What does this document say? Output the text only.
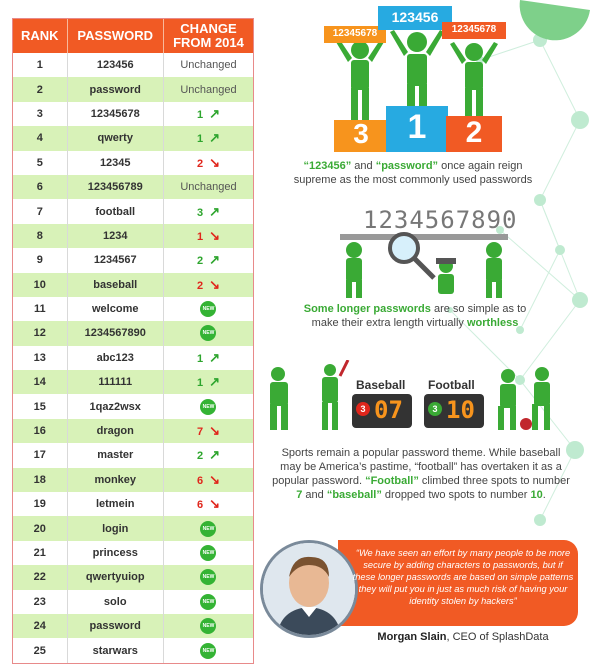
RANK	PASSWORD	CHANGE
FROM 2014
1	123456	Unchanged
2	password	Unchanged
3	12345678	1 ↗
4	qwerty	1 ↗
5	12345	2 ↘
6	123456789	Unchanged
7	football	3 ↗
8	1234	1 ↘
9	1234567	2 ↗
10	baseball	2 ↘
11	welcome	NEW
12	1234567890	NEW
13	abc123	1 ↗
14	111111	1 ↗
15	1qaz2wsx	NEW
16	dragon	7 ↘
17	master	2 ↗
18	monkey	6 ↘
19	letmein	6 ↘
20	login	NEW
21	princess	NEW
22	qwertyuiop	NEW
23	solo	NEW
24	password	NEW
25	starwars	NEW
12345678
123456
12345678
3	1	2
“123456” and “password” once again reign
supreme as the most commonly used passwords
1234567890
Some longer passwords are so simple as to
make their extra length virtually worthless
Baseball Football
3 07	3 10
Sports remain a popular password theme. While baseball
may be America’s pastime, “football” has overtaken it as a
popular password. “Football” climbed three spots to number
7 and “baseball” dropped two spots to number 10.
“We have seen an effort by many people to be more secure by adding characters to passwords, but if these longer passwords are based on simple patterns they will put you in just as much risk of having your identity stolen by hackers”
Morgan Slain, CEO of SplashData
